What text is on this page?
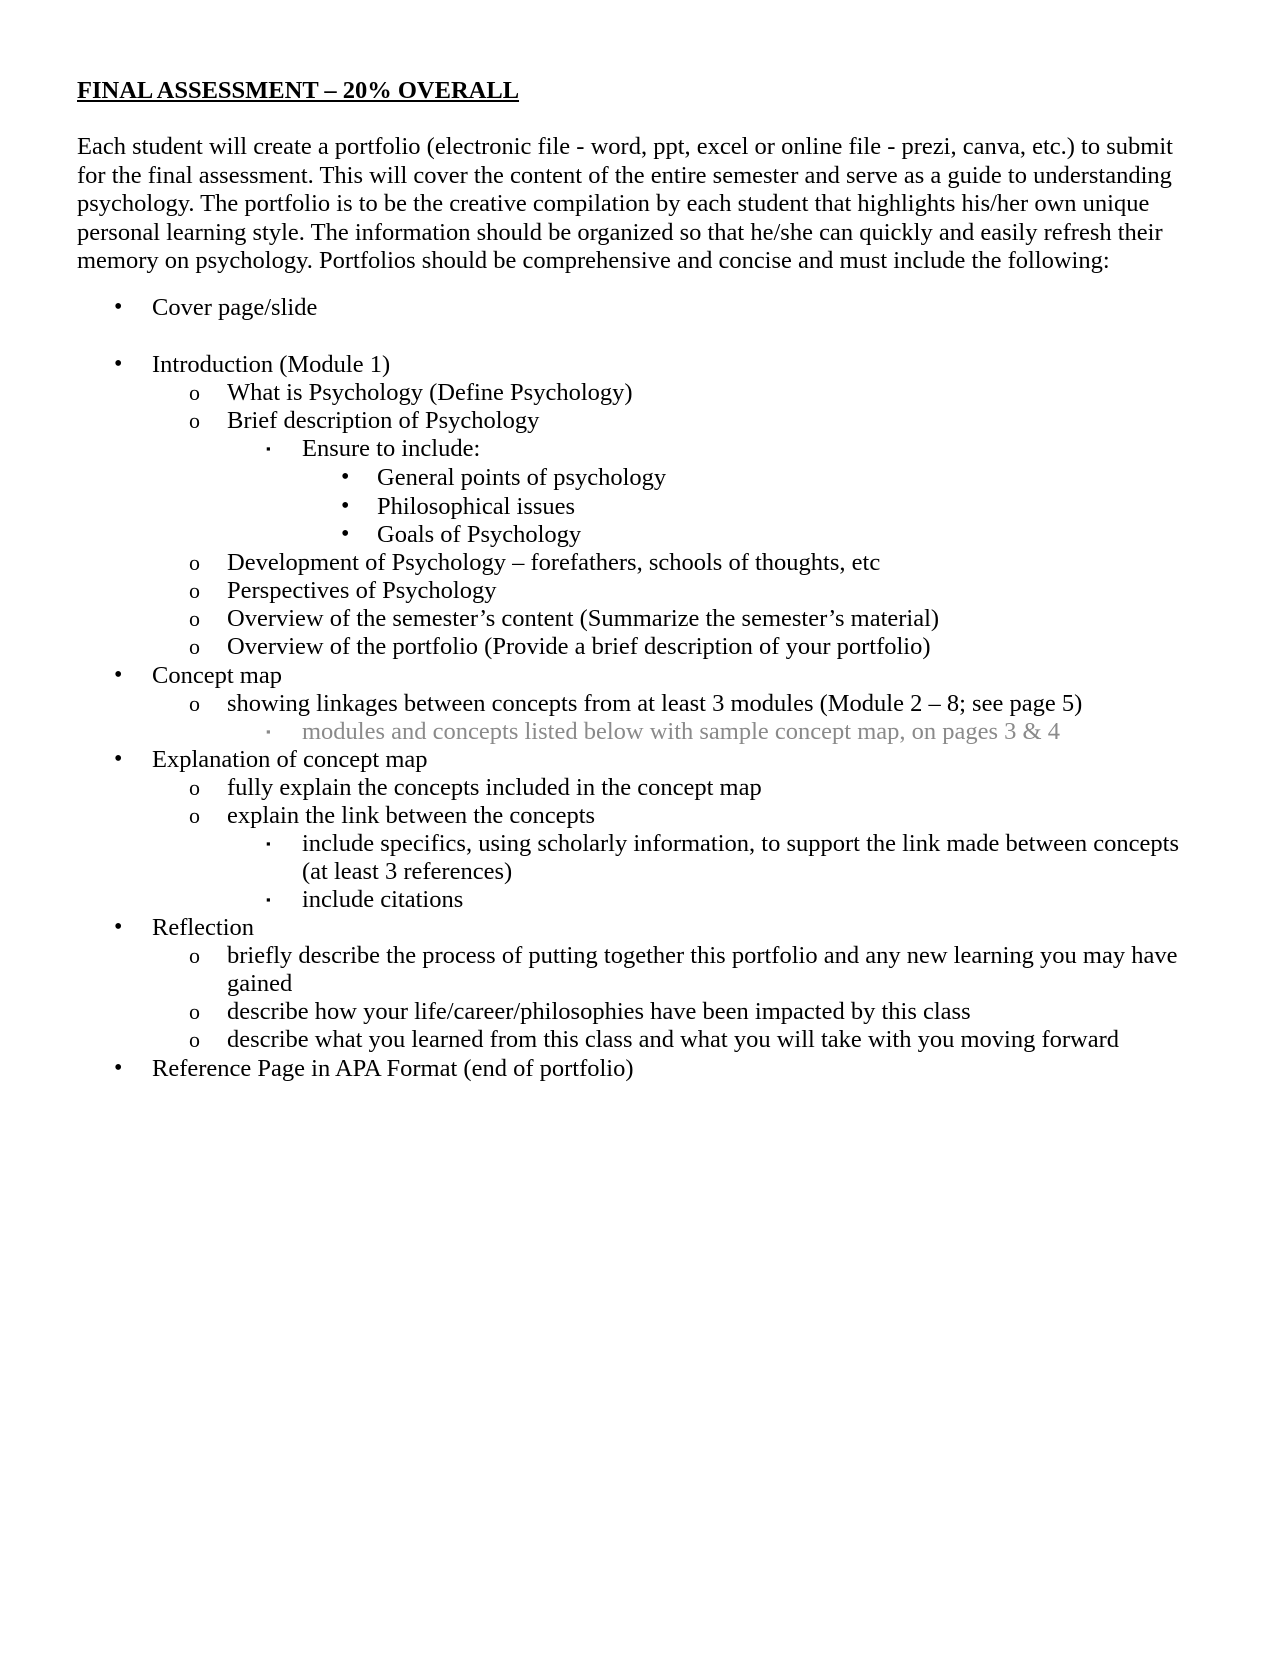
FINAL ASSESSMENT – 20% OVERALL

Each student will create a portfolio (electronic file - word, ppt, excel or online file - prezi, canva, etc.) to submit
for the final assessment. This will cover the content of the entire semester and serve as a guide to understanding
psychology. The portfolio is to be the creative compilation by each student that highlights his/her own unique
personal learning style. The information should be organized so that he/she can quickly and easily refresh their
memory on psychology. Portfolios should be comprehensive and concise and must include the following:

• Cover page/slide
• Introduction (Module 1)
o What is Psychology (Define Psychology)
o Brief description of Psychology
▪ Ensure to include:
• General points of psychology
• Philosophical issues
• Goals of Psychology
o Development of Psychology – forefathers, schools of thoughts, etc
o Perspectives of Psychology
o Overview of the semester’s content (Summarize the semester’s material)
o Overview of the portfolio (Provide a brief description of your portfolio)
• Concept map
o showing linkages between concepts from at least 3 modules (Module 2 – 8; see page 5)
▪ modules and concepts listed below with sample concept map, on pages 3 & 4
• Explanation of concept map
o fully explain the concepts included in the concept map
o explain the link between the concepts
▪ include specifics, using scholarly information, to support the link made between concepts
(at least 3 references)
▪ include citations
• Reflection
o briefly describe the process of putting together this portfolio and any new learning you may have
gained
o describe how your life/career/philosophies have been impacted by this class
o describe what you learned from this class and what you will take with you moving forward
• Reference Page in APA Format (end of portfolio)
